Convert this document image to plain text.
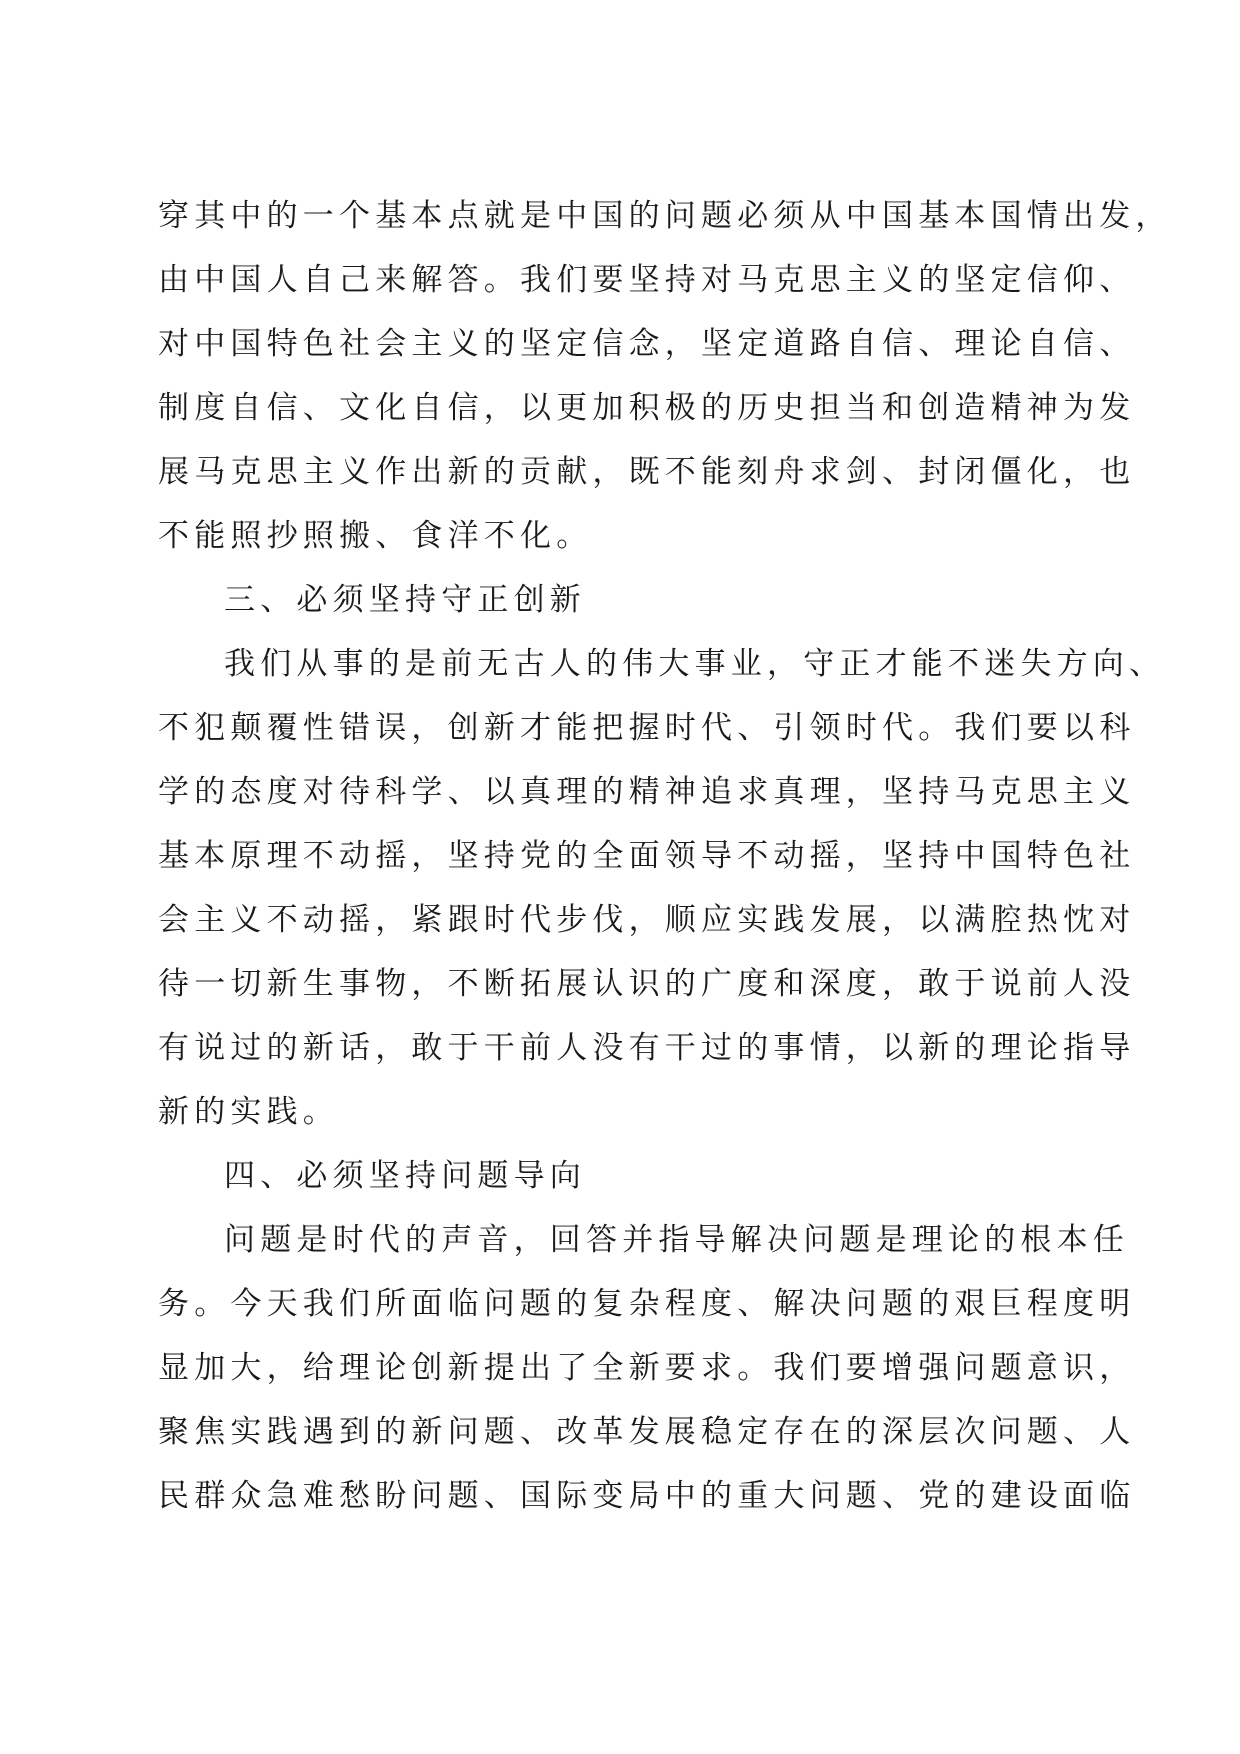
穿其中的一个基本点就是中国的问题必须从中国基本国情出发，
由中国人自己来解答。我们要坚持对马克思主义的坚定信仰、
对中国特色社会主义的坚定信念，坚定道路自信、理论自信、
制度自信、文化自信，以更加积极的历史担当和创造精神为发
展马克思主义作出新的贡献，既不能刻舟求剑、封闭僵化，也
不能照抄照搬、食洋不化。
三、必须坚持守正创新
我们从事的是前无古人的伟大事业，守正才能不迷失方向、
不犯颠覆性错误，创新才能把握时代、引领时代。我们要以科
学的态度对待科学、以真理的精神追求真理，坚持马克思主义
基本原理不动摇，坚持党的全面领导不动摇，坚持中国特色社
会主义不动摇，紧跟时代步伐，顺应实践发展，以满腔热忱对
待一切新生事物，不断拓展认识的广度和深度，敢于说前人没
有说过的新话，敢于干前人没有干过的事情，以新的理论指导
新的实践。
四、必须坚持问题导向
问题是时代的声音，回答并指导解决问题是理论的根本任
务。今天我们所面临问题的复杂程度、解决问题的艰巨程度明
显加大，给理论创新提出了全新要求。我们要增强问题意识，
聚焦实践遇到的新问题、改革发展稳定存在的深层次问题、人
民群众急难愁盼问题、国际变局中的重大问题、党的建设面临
